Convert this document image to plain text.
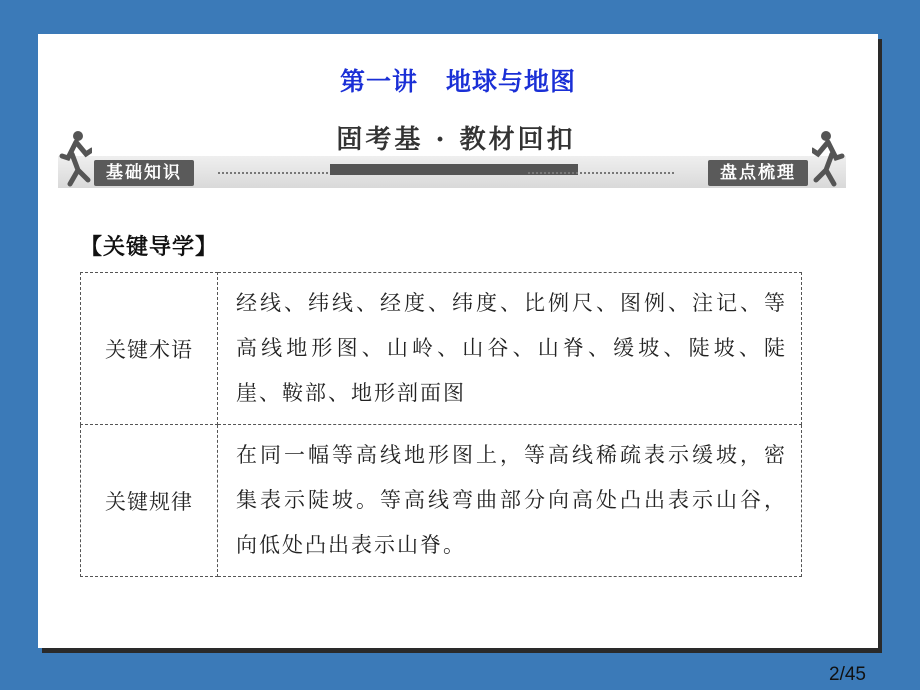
第一讲 地球与地图
基础知识
固考基 · 教材回扣
盘点梳理
【关键导学】
关键术语	经线、纬线、经度、纬度、比例尺、图例、注记、等高线地形图、山岭、山谷、山脊、缓坡、陡坡、陡崖、鞍部、地形剖面图
关键规律	在同一幅等高线地形图上，等高线稀疏表示缓坡，密集表示陡坡。等高线弯曲部分向高处凸出表示山谷，向低处凸出表示山脊。
2/45
